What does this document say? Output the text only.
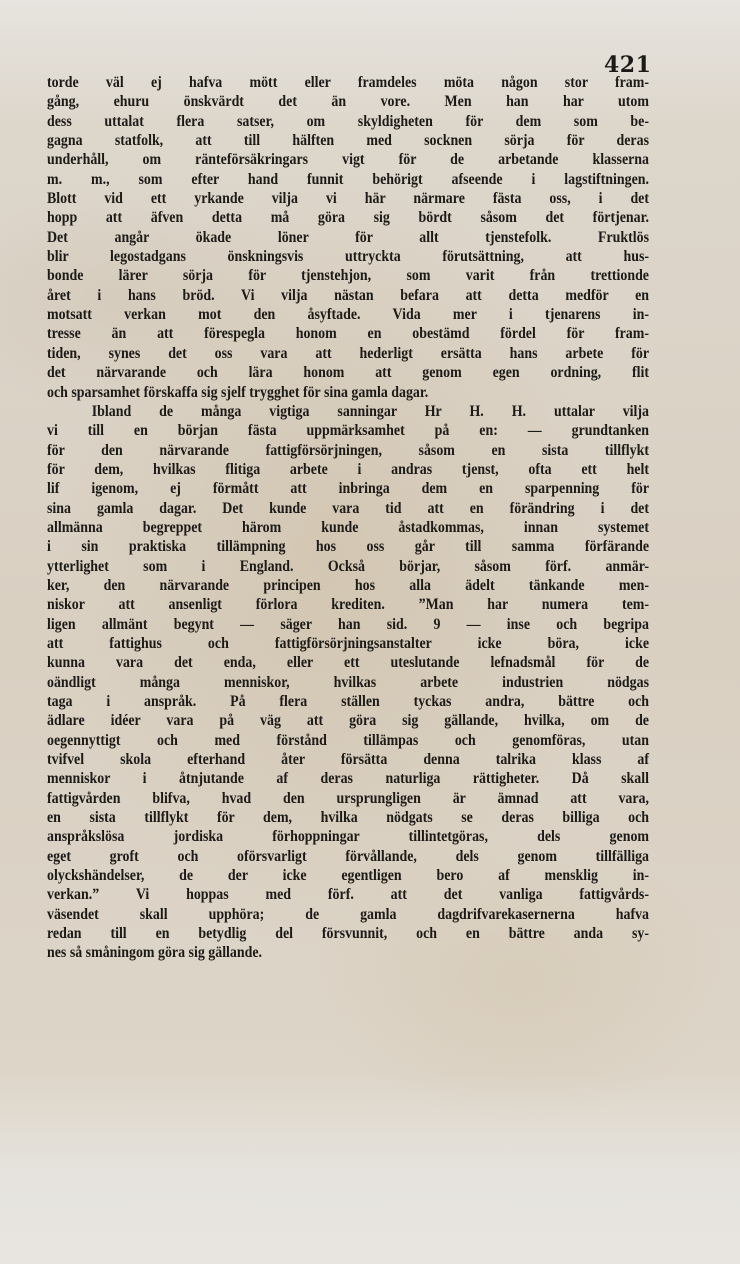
421
torde väl ej hafva mött eller framdeles möta någon stor fram-
gång, ehuru önskvärdt det än vore. Men han har utom
dess uttalat flera satser, om skyldigheten för dem som be-
gagna statfolk, att till hälften med socknen sörja för deras
underhåll, om ränteförsäkringars vigt för de arbetande klasserna
m. m., som efter hand funnit behörigt afseende i lagstiftningen.
Blott vid ett yrkande vilja vi här närmare fästa oss, i det
hopp att äfven detta må göra sig bördt såsom det förtjenar.
Det angår ökade löner för allt tjenstefolk. Fruktlös
blir legostadgans önskningsvis uttryckta förutsättning, att hus-
bonde lärer sörja för tjenstehjon, som varit från trettionde
året i hans bröd. Vi vilja nästan befara att detta medför en
motsatt verkan mot den åsyftade. Vida mer i tjenarens in-
tresse än att förespegla honom en obestämd fördel för fram-
tiden, synes det oss vara att hederligt ersätta hans arbete för
det närvarande och lära honom att genom egen ordning, flit
och sparsamhet förskaffa sig sjelf trygghet för sina gamla dagar.
Ibland de många vigtiga sanningar Hr H. H. uttalar vilja
vi till en början fästa uppmärksamhet på en: — grundtanken
för den närvarande fattigförsörjningen, såsom en sista tillflykt
för dem, hvilkas flitiga arbete i andras tjenst, ofta ett helt
lif igenom, ej förmått att inbringa dem en sparpenning för
sina gamla dagar. Det kunde vara tid att en förändring i det
allmänna begreppet härom kunde åstadkommas, innan systemet
i sin praktiska tillämpning hos oss går till samma förfärande
ytterlighet som i England. Också börjar, såsom förf. anmär-
ker, den närvarande principen hos alla ädelt tänkande men-
niskor att ansenligt förlora krediten. ”Man har numera tem-
ligen allmänt begynt — säger han sid. 9 — inse och begripa
att fattighus och fattigförsörjningsanstalter icke böra, icke
kunna vara det enda, eller ett uteslutande lefnadsmål för de
oändligt många menniskor, hvilkas arbete industrien nödgas
taga i anspråk. På flera ställen tyckas andra, bättre och
ädlare idéer vara på väg att göra sig gällande, hvilka, om de
oegennyttigt och med förstånd tillämpas och genomföras, utan
tvifvel skola efterhand åter försätta denna talrika klass af
menniskor i åtnjutande af deras naturliga rättigheter. Då skall
fattigvården blifva, hvad den ursprungligen är ämnad att vara,
en sista tillflykt för dem, hvilka nödgats se deras billiga och
anspråkslösa jordiska förhoppningar tillintetgöras, dels genom
eget groft och oförsvarligt förvållande, dels genom tillfälliga
olyckshändelser, de der icke egentligen bero af mensklig in-
verkan.” Vi hoppas med förf. att det vanliga fattigvårds-
väsendet skall upphöra; de gamla dagdrifvarekasernerna hafva
redan till en betydlig del försvunnit, och en bättre anda sy-
nes så småningom göra sig gällande.
